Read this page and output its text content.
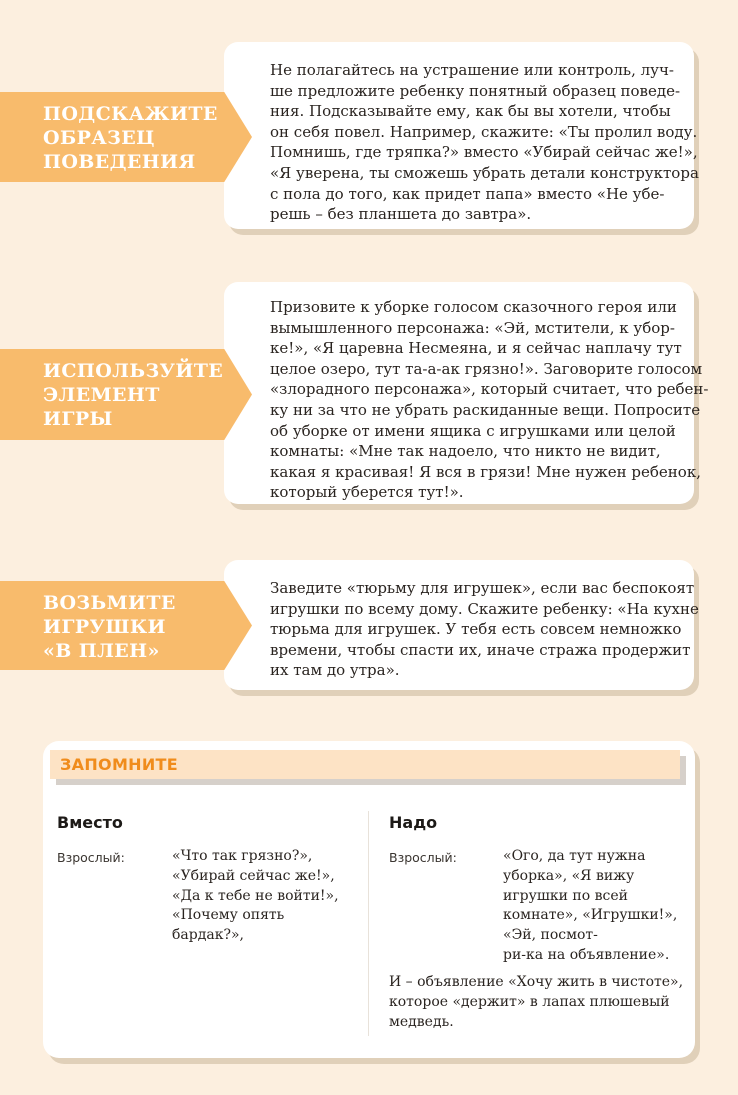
Не полагайтесь на устрашение или контроль, луч-
ше предложите ребенку понятный образец поведе-
ния. Подсказывайте ему, как бы вы хотели, чтобы
он себя повел. Например, скажите: «Ты пролил воду.
Помнишь, где тряпка?» вместо «Убирай сейчас же!»,
«Я уверена, ты сможешь убрать детали конструктора
с пола до того, как придет папа» вместо «Не убе-
решь – без планшета до завтра».

ПОДСКАЖИТЕ
ОБРАЗЕЦ
ПОВЕДЕНИЯ

Призовите к уборке голосом сказочного героя или
вымышленного персонажа: «Эй, мстители, к убор-
ке!», «Я царевна Несмеяна, и я сейчас наплачу тут
целое озеро, тут та-а-ак грязно!». Заговорите голосом
«злорадного персонажа», который считает, что ребен-
ку ни за что не убрать раскиданные вещи. Попросите
об уборке от имени ящика с игрушками или целой
комнаты: «Мне так надоело, что никто не видит,
какая я красивая! Я вся в грязи! Мне нужен ребенок,
который уберется тут!».

ИСПОЛЬЗУЙТЕ
ЭЛЕМЕНТ
ИГРЫ

Заведите «тюрьму для игрушек», если вас беспокоят
игрушки по всему дому. Скажите ребенку: «На кухне
тюрьма для игрушек. У тебя есть совсем немножко
времени, чтобы спасти их, иначе стража продержит
их там до утра».

ВОЗЬМИТЕ
ИГРУШКИ
«В ПЛЕН»

ЗАПОМНИТЕ
Вместо
Взрослый:	«Что так грязно?»,
«Убирай сейчас же!»,
«Да к тебе не войти!»,
«Почему опять
бардак?»,

Надо
Взрослый:	«Ого, да тут нужна
уборка», «Я вижу
игрушки по всей
комнате», «Игрушки!»,
«Эй, посмот-
ри-ка на объявление».

И – объявление «Хочу жить в чистоте»,
которое «держит» в лапах плюшевый
медведь.
